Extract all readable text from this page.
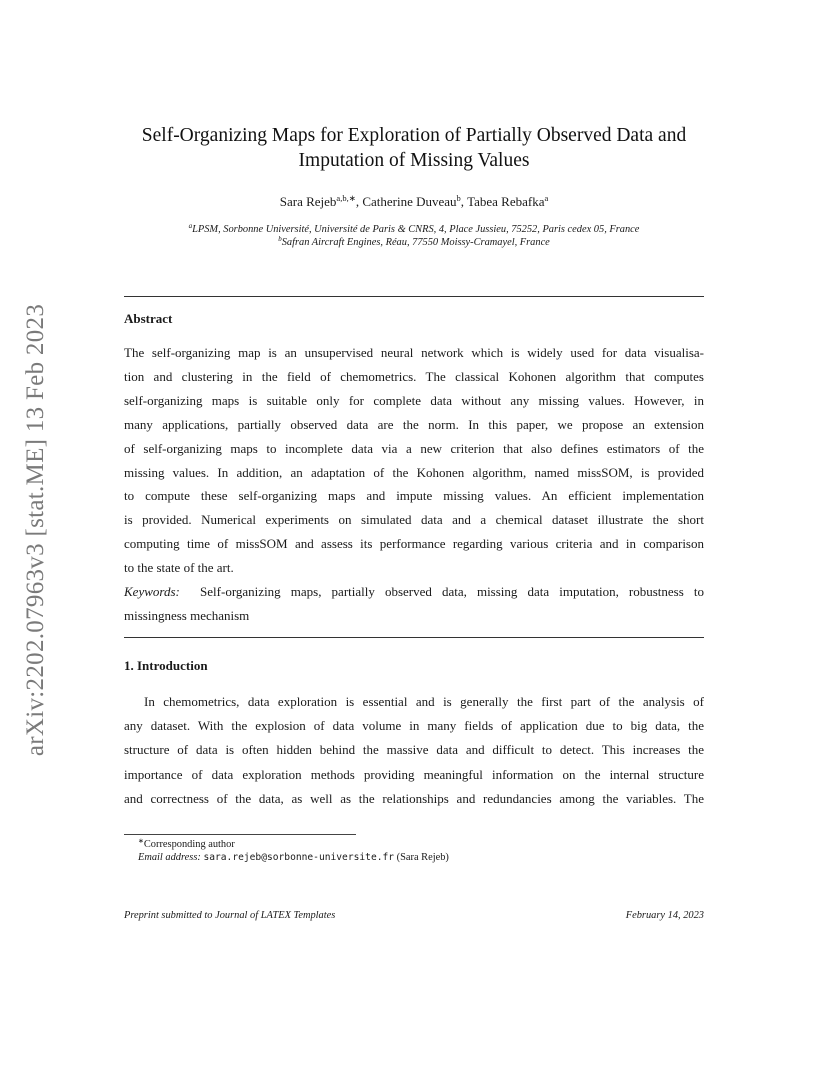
arXiv:2202.07963v3 [stat.ME] 13 Feb 2023
Self-Organizing Maps for Exploration of Partially Observed Data and
Imputation of Missing Values
Sara Rejeb$^{a,b,∗}$, Catherine Duveau$^b$, Tabea Rebafka$^a$
$^a$LPSM, Sorbonne Université, Université de Paris & CNRS, 4, Place Jussieu, 75252, Paris cedex 05, France
$^b$Safran Aircraft Engines, Réau, 77550 Moissy-Cramayel, France
Abstract
The self-organizing map is an unsupervised neural network which is widely used for data visualisa-
tion and clustering in the field of chemometrics. The classical Kohonen algorithm that computes
self-organizing maps is suitable only for complete data without any missing values. However, in
many applications, partially observed data are the norm. In this paper, we propose an extension
of self-organizing maps to incomplete data via a new criterion that also defines estimators of the
missing values. In addition, an adaptation of the Kohonen algorithm, named missSOM, is provided
to compute these self-organizing maps and impute missing values. An efficient implementation
is provided. Numerical experiments on simulated data and a chemical dataset illustrate the short
computing time of missSOM and assess its performance regarding various criteria and in comparison
to the state of the art.
Keywords: Self-organizing maps, partially observed data, missing data imputation, robustness to
missingness mechanism
1. Introduction
In chemometrics, data exploration is essential and is generally the first part of the analysis of
any dataset. With the explosion of data volume in many fields of application due to big data, the
structure of data is often hidden behind the massive data and difficult to detect. This increases the
importance of data exploration methods providing meaningful information on the internal structure
and correctness of the data, as well as the relationships and redundancies among the variables. The
∗Corresponding author
Email address: sara.rejeb@sorbonne-universite.fr (Sara Rejeb)
Preprint submitted to Journal of LATEX Templates	February 14, 2023
